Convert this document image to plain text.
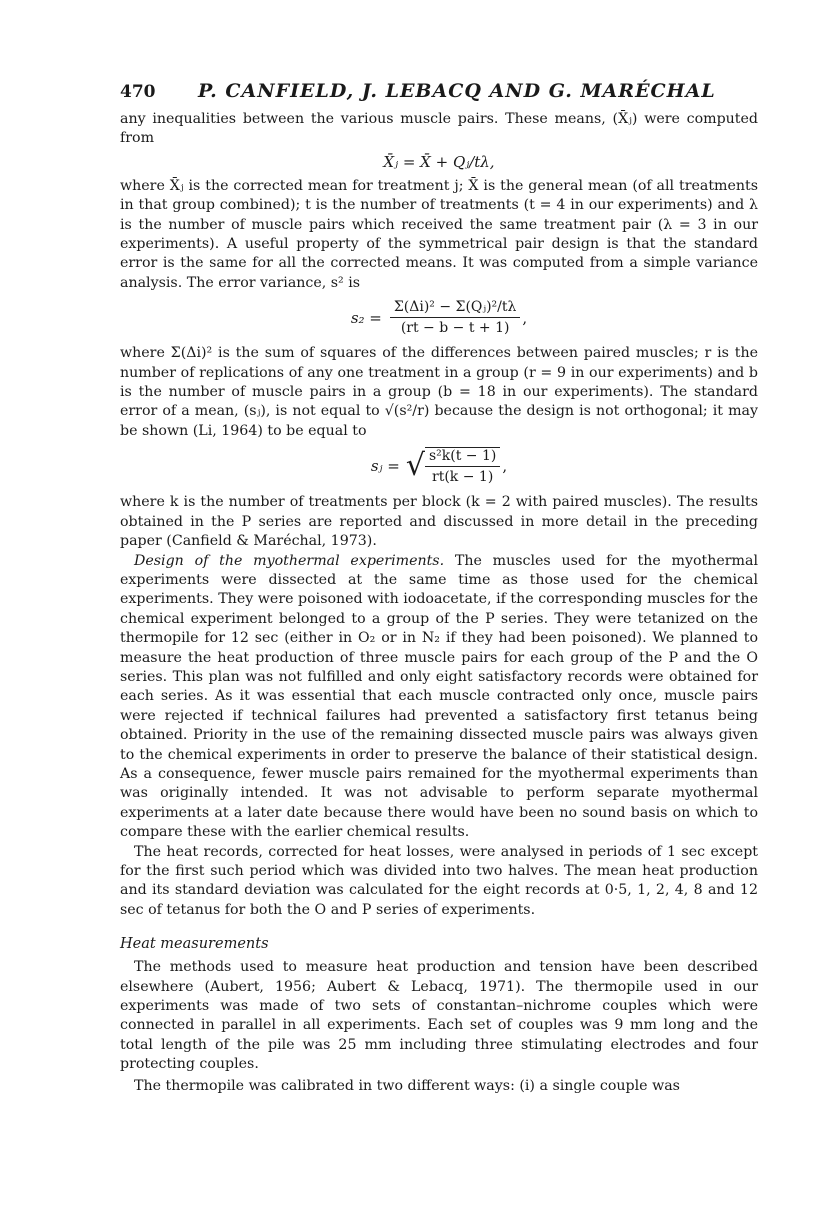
470	P. CANFIELD, J. LEBACQ AND G. MARÉCHAL

any inequalities between the various muscle pairs. These means, (X̄ⱼ) were computed from

X̄ⱼ = X̄ + Qⱼ/tλ,

where X̄ⱼ is the corrected mean for treatment j; X̄ is the general mean (of all treatments in that group combined); t is the number of treatments (t = 4 in our experiments) and λ is the number of muscle pairs which received the same treatment pair (λ = 3 in our experiments). A useful property of the symmetrical pair design is that the standard error is the same for all the corrected means. It was computed from a simple variance analysis. The error variance, s² is

$s_2 = \frac{\text{Σ(Δi)² − Σ(Qⱼ)²/tλ}}{(rt - b - t + 1)}$ ,

where Σ(Δi)² is the sum of squares of the differences between paired muscles; r is the number of replications of any one treatment in a group (r = 9 in our experiments) and b is the number of muscle pairs in a group (b = 18 in our experiments). The standard error of a mean, (sⱼ), is not equal to √(s²/r) because the design is not orthogonal; it may be shown (Li, 1964) to be equal to

sⱼ = √ $\frac{\text{s²k(t − 1)}}{rt(k - 1)}$ ,

where k is the number of treatments per block (k = 2 with paired muscles). The results obtained in the P series are reported and discussed in more detail in the preceding paper (Canfield & Maréchal, 1973).

Design of the myothermal experiments. The muscles used for the myothermal experiments were dissected at the same time as those used for the chemical experiments. They were poisoned with iodoacetate, if the corresponding muscles for the chemical experiment belonged to a group of the P series. They were tetanized on the thermopile for 12 sec (either in O₂ or in N₂ if they had been poisoned). We planned to measure the heat production of three muscle pairs for each group of the P and the O series. This plan was not fulfilled and only eight satisfactory records were obtained for each series. As it was essential that each muscle contracted only once, muscle pairs were rejected if technical failures had prevented a satisfactory first tetanus being obtained. Priority in the use of the remaining dissected muscle pairs was always given to the chemical experiments in order to preserve the balance of their statistical design. As a consequence, fewer muscle pairs remained for the myothermal experiments than was originally intended. It was not advisable to perform separate myothermal experiments at a later date because there would have been no sound basis on which to compare these with the earlier chemical results.

The heat records, corrected for heat losses, were analysed in periods of 1 sec except for the first such period which was divided into two halves. The mean heat production and its standard deviation was calculated for the eight records at 0·5, 1, 2, 4, 8 and 12 sec of tetanus for both the O and P series of experiments.

Heat measurements

The methods used to measure heat production and tension have been described elsewhere (Aubert, 1956; Aubert & Lebacq, 1971). The thermopile used in our experiments was made of two sets of constantan–nichrome couples which were connected in parallel in all experiments. Each set of couples was 9 mm long and the total length of the pile was 25 mm including three stimulating electrodes and four protecting couples.

The thermopile was calibrated in two different ways: (i) a single couple was
